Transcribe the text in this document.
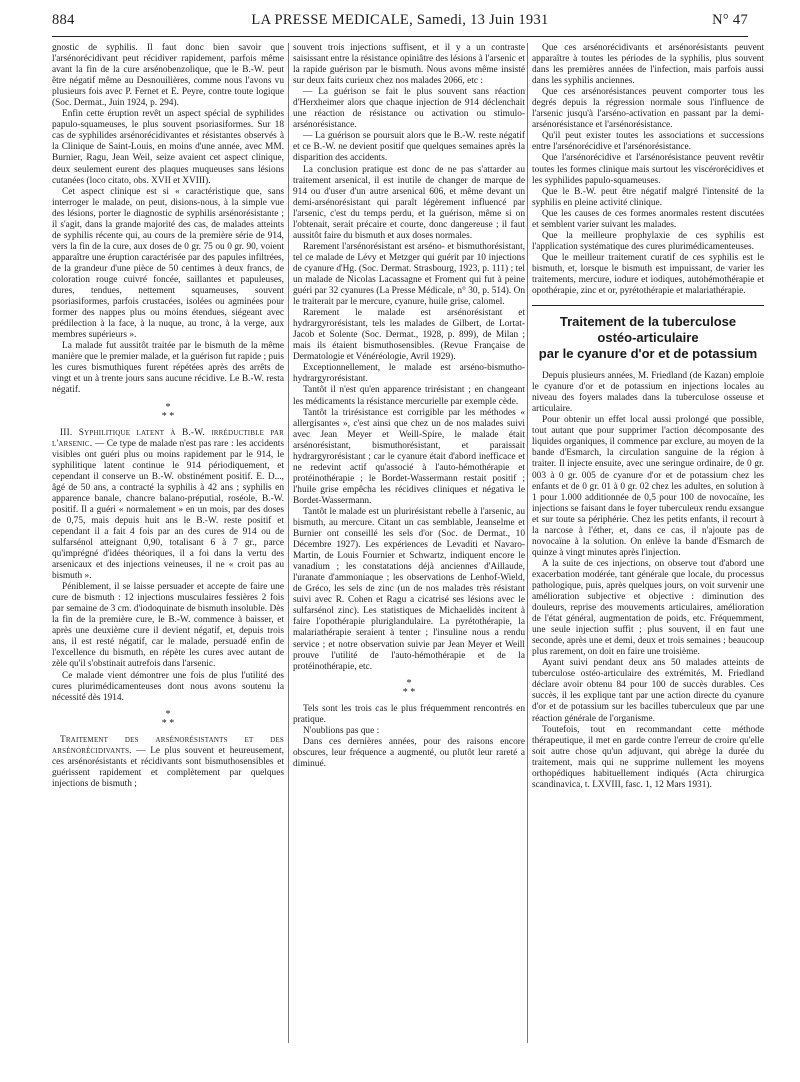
884	LA PRESSE MEDICALE, Samedi, 13 Juin 1931	N° 47

gnostic de syphilis. Il faut donc bien savoir que l'arsénorécidivant peut récidiver rapidement, parfois même avant la fin de la cure arsénobenzolique, que le B.-W. peut être négatif même au Desnouilières, comme nous l'avons vu plusieurs fois avec P. Fernet et E. Peyre, contre toute logique (Soc. Dermat., Juin 1924, p. 294).

Enfin cette éruption revêt un aspect spécial de syphilides papulo-squameuses, le plus souvent psoriasiformes. Sur 18 cas de syphilides arsénorécidivantes et résistantes observés à la Clinique de Saint-Louis, en moins d'une année, avec MM. Burnier, Ragu, Jean Weil, seize avaient cet aspect clinique, deux seulement eurent des plaques muqueuses sans lésions cutanées (loco citato, obs. XVII et XVIII).

Cet aspect clinique est si « caractéristique que, sans interroger le malade, on peut, disions-nous, à la simple vue des lésions, porter le diagnostic de syphilis arsénorésistante ; il s'agit, dans la grande majorité des cas, de malades atteints de syphilis récente qui, au cours de la première série de 914, vers la fin de la cure, aux doses de 0 gr. 75 ou 0 gr. 90, voient apparaître une éruption caractérisée par des papules infiltrées, de la grandeur d'une pièce de 50 centimes à deux francs, de coloration rouge cuivré foncée, saillantes et papuleuses, dures, tendues, nettement squameuses, souvent psoriasiformes, parfois crustacées, isolées ou agminées pour former des nappes plus ou moins étendues, siégeant avec prédilection à la face, à la nuque, au tronc, à la verge, aux membres supérieurs ».

La malade fut aussitôt traitée par le bismuth de la même manière que le premier malade, et la guérison fut rapide ; puis les cures bismuthiques furent répétées après des arrêts de vingt et un à trente jours sans aucune récidive. Le B.-W. resta négatif.

*
* *

III. Syphilitique latent à B.-W. irréductible par l'arsenic. — Ce type de malade n'est pas rare : les accidents visibles ont guéri plus ou moins rapidement par le 914, le syphilitique latent continue le 914 périodiquement, et cependant il conserve un B.-W. obstinément positif. E. D..., âgé de 50 ans, a contracté la syphilis à 42 ans ; syphilis en apparence banale, chancre balano-préputial, roséole, B.-W. positif. Il a guéri « normalement » en un mois, par des doses de 0,75, mais depuis huit ans le B.-W. reste positif et cependant il a fait 4 fois par an des cures de 914 ou de sulfarsénol atteignant 0,90, totalisant 6 à 7 gr., parce qu'imprégné d'idées théoriques, il a foi dans la vertu des arsenicaux et des injections veineuses, il ne « croit pas au bismuth ».

Péniblement, il se laisse persuader et accepte de faire une cure de bismuth : 12 injections musculaires fessières 2 fois par semaine de 3 cm. d'iodoquinate de bismuth insoluble. Dès la fin de la première cure, le B.-W. commence à baisser, et après une deuxième cure il devient négatif, et, depuis trois ans, il est resté négatif, car le malade, persuadé enfin de l'excellence du bismuth, en répète les cures avec autant de zèle qu'il s'obstinait autrefois dans l'arsenic.

Ce malade vient démontrer une fois de plus l'utilité des cures plurimédicamenteuses dont nous avons soutenu la nécessité dès 1914.

*
* *

Traitement des arsénorésistants et des arsénorécidivants. — Le plus souvent et heureusement, ces arsénorésistants et récidivants sont bismuthosensibles et guérissent rapidement et complètement par quelques injections de bismuth ;

souvent trois injections suffisent, et il y a un contraste saisissant entre la résistance opiniâtre des lésions à l'arsenic et la rapide guérison par le bismuth. Nous avons même insisté sur deux faits curieux chez nos malades 2066, etc :

— La guérison se fait le plus souvent sans réaction d'Herxheimer alors que chaque injection de 914 déclenchait une réaction de résistance ou activation ou stimulo-arsénorésistance.

— La guérison se poursuit alors que le B.-W. reste négatif et ce B.-W. ne devient positif que quelques semaines après la disparition des accidents.

La conclusion pratique est donc de ne pas s'attarder au traitement arsenical, il est inutile de changer de marque de 914 ou d'user d'un autre arsenical 606, et même devant un demi-arsénorésistant qui paraît légèrement influencé par l'arsenic, c'est du temps perdu, et la guérison, même si on l'obtenait, serait précaire et courte, donc dangereuse ; il faut aussitôt faire du bismuth et aux doses normales.

Rarement l'arsénorésistant est arséno- et bismuthorésistant, tel ce malade de Lévy et Metzger qui guérit par 10 injections de cyanure d'Hg. (Soc. Dermat. Strasbourg, 1923, p. 111) ; tel un malade de Nicolas Lacassagne et Froment qui fut à peine guéri par 32 cyanures (La Presse Médicale, n° 30, p. 514). On le traiterait par le mercure, cyanure, huile grise, calomel.

Rarement le malade est arsénorésistant et hydrargyrorésistant, tels les malades de Gilbert, de Lortat-Jacob et Solente (Soc. Dermat., 1928, p. 899), de Milan ; mais ils étaient bismuthosensibles. (Revue Française de Dermatologie et Vénéréologie, Avril 1929).

Exceptionnellement, le malade est arséno-bismutho-hydrargyrorésistant.

Tantôt il n'est qu'en apparence trirésistant ; en changeant les médicaments la résistance mercurielle par exemple cède.

Tantôt la trirésistance est corrigible par les méthodes « allergisantes », c'est ainsi que chez un de nos malades suivi avec Jean Meyer et Weill-Spire, le malade était arsénorésistant, bismuthorésistant, et paraissait hydrargyrorésistant ; car le cyanure était d'abord inefficace et ne redevint actif qu'associé à l'auto-hémothérapie et protéinothérapie ; le Bordet-Wassermann restait positif ; l'huile grise empêcha les récidives cliniques et négativa le Bordet-Wassermann.

Tantôt le malade est un plurirésistant rebelle à l'arsenic, au bismuth, au mercure. Citant un cas semblable, Jeanselme et Burnier ont conseillé les sels d'or (Soc. de Dermat., 10 Décembre 1927). Les expériences de Levaditi et Navaro-Martin, de Louis Fournier et Schwartz, indiquent encore le vanadium ; les constatations déjà anciennes d'Aillaude, l'uranate d'ammoniaque ; les observations de Lenhof-Wield, de Gréco, les sels de zinc (un de nos malades très résistant suivi avec R. Cohen et Ragu a cicatrisé ses lésions avec le sulfarsénol zinc). Les statistiques de Michaelidès incitent à faire l'opothérapie pluriglandulaire. La pyrétothérapie, la malariathérapie seraient à tenter ; l'insuline nous a rendu service ; et notre observation suivie par Jean Meyer et Weill prouve l'utilité de l'auto-hémothérapie et de la protéinothérapie, etc.

*
* *

Tels sont les trois cas le plus fréquemment rencontrés en pratique.

N'oublions pas que :

Dans ces dernières années, pour des raisons encore obscures, leur fréquence a augmenté, ou plutôt leur rareté a diminué.

Que ces arsénorécidivants et arsénorésistants peuvent apparaître à toutes les périodes de la syphilis, plus souvent dans les premières années de l'infection, mais parfois aussi dans les syphilis anciennes.

Que ces arsénorésistances peuvent comporter tous les degrés depuis la régression normale sous l'influence de l'arsenic jusqu'à l'arséno-activation en passant par la demi-arsénorésistance et l'arsénorésistance.

Qu'il peut exister toutes les associations et successions entre l'arsénorécidive et l'arsénorésistance.

Que l'arsénorécidive et l'arsénorésistance peuvent revêtir toutes les formes clinique mais surtout les viscérorécidives et les syphilides papulo-squameuses.

Que le B.-W. peut être négatif malgré l'intensité de la syphilis en pleine activité clinique.

Que les causes de ces formes anormales restent discutées et semblent varier suivant les malades.

Que la meilleure prophylaxie de ces syphilis est l'application systématique des cures plurimédicamenteuses.

Que le meilleur traitement curatif de ces syphilis est le bismuth, et, lorsque le bismuth est impuissant, de varier les traitements, mercure, iodure et iodiques, autohémothérapie et opothérapie, zinc et or, pyrétothérapie et malariathérapie.

Traitement de la tuberculose
ostéo-articulaire
par le cyanure d'or et de potassium

Depuis plusieurs années, M. Friedland (de Kazan) emploie le cyanure d'or et de potassium en injections locales au niveau des foyers malades dans la tuberculose osseuse et articulaire.

Pour obtenir un effet local aussi prolongé que possible, tout autant que pour supprimer l'action décomposante des liquides organiques, il commence par exclure, au moyen de la bande d'Esmarch, la circulation sanguine de la région à traiter. Il injecte ensuite, avec une seringue ordinaire, de 0 gr. 003 à 0 gr. 005 de cyanure d'or et de potassium chez les enfants et de 0 gr. 01 à 0 gr. 02 chez les adultes, en solution à 1 pour 1.000 additionnée de 0,5 pour 100 de novocaïne, les injections se faisant dans le foyer tuberculeux rendu exsangue et sur toute sa périphérie. Chez les petits enfants, il recourt à la narcose à l'éther, et, dans ce cas, il n'ajoute pas de novocaïne à la solution. On enlève la bande d'Esmarch de quinze à vingt minutes après l'injection.

A la suite de ces injections, on observe tout d'abord une exacerbation modérée, tant générale que locale, du processus pathologique, puis, après quelques jours, on voit survenir une amélioration subjective et objective : diminution des douleurs, reprise des mouvements articulaires, amélioration de l'état général, augmentation de poids, etc. Fréquemment, une seule injection suffit ; plus souvent, il en faut une seconde, après une et demi, deux et trois semaines ; beaucoup plus rarement, on doit en faire une troisième.

Ayant suivi pendant deux ans 50 malades atteints de tuberculose ostéo-articulaire des extrémités, M. Friedland déclare avoir obtenu 84 pour 100 de succès durables. Ces succès, il les explique tant par une action directe du cyanure d'or et de potassium sur les bacilles tuberculeux que par une réaction générale de l'organisme.

Toutefois, tout en recommandant cette méthode thérapeutique, il met en garde contre l'erreur de croire qu'elle soit autre chose qu'un adjuvant, qui abrège la durée du traitement, mais qui ne supprime nullement les moyens orthopédiques habituellement indiqués (Acta chirurgica scandinavica, t. LXVIII, fasc. 1, 12 Mars 1931).
